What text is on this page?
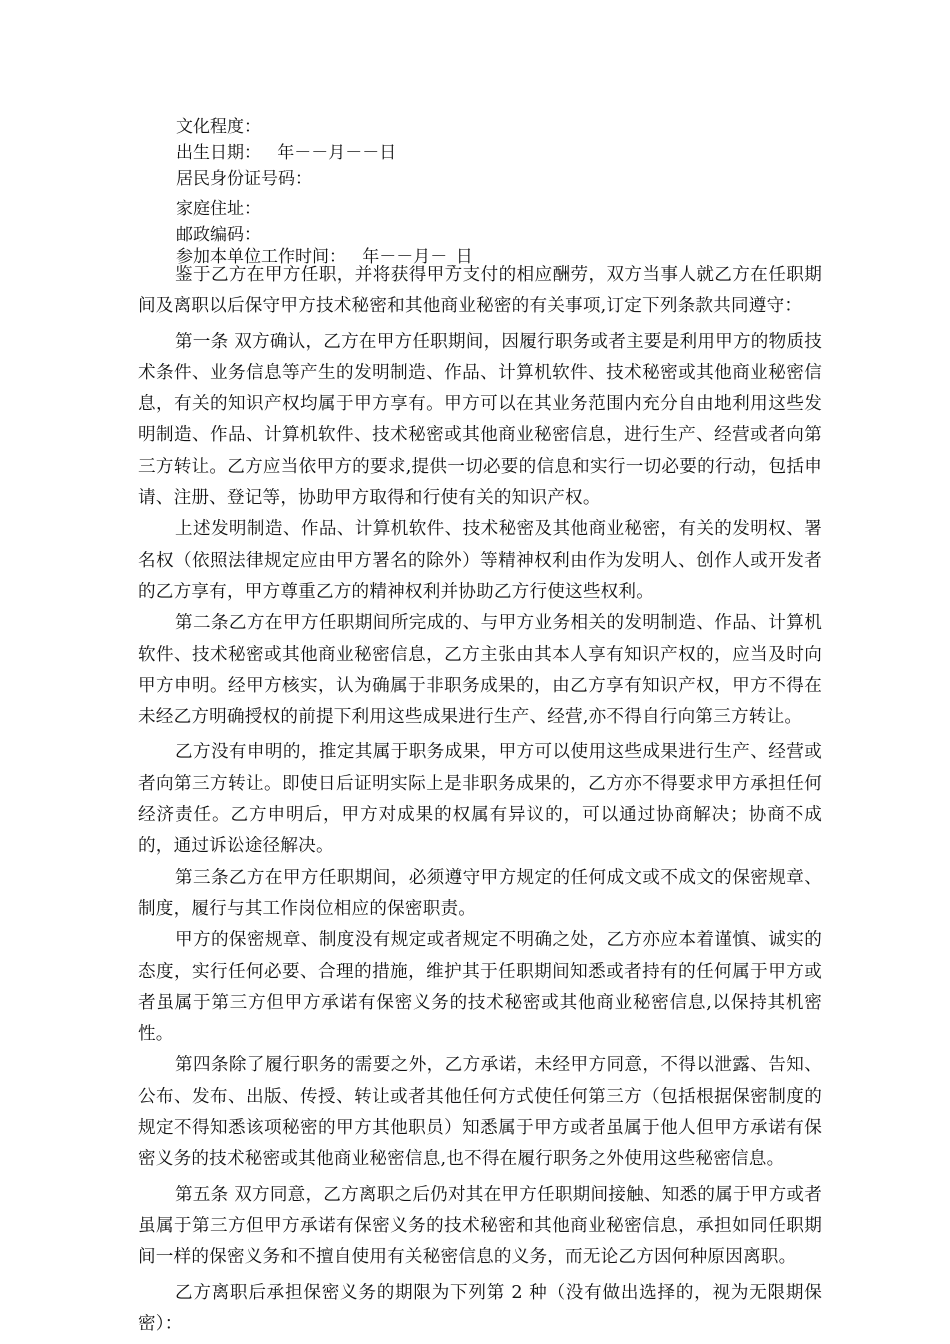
文化程度：
出生日期：   年－－月－－日
居民身份证号码：
家庭住址：
邮政编码：
参加本单位工作时间：   年－－月－_日

鉴于乙方在甲方任职，并将获得甲方支付的相应酬劳，双方当事人就乙方在任职期间及离职以后保守甲方技术秘密和其他商业秘密的有关事项,订定下列条款共同遵守：

第一条 双方确认，乙方在甲方任职期间，因履行职务或者主要是利用甲方的物质技术条件、业务信息等产生的发明制造、作品、计算机软件、技术秘密或其他商业秘密信息，有关的知识产权均属于甲方享有。甲方可以在其业务范围内充分自由地利用这些发明制造、作品、计算机软件、技术秘密或其他商业秘密信息，进行生产、经营或者向第三方转让。乙方应当依甲方的要求,提供一切必要的信息和实行一切必要的行动，包括申请、注册、登记等，协助甲方取得和行使有关的知识产权。

上述发明制造、作品、计算机软件、技术秘密及其他商业秘密，有关的发明权、署名权（依照法律规定应由甲方署名的除外）等精神权利由作为发明人、创作人或开发者的乙方享有，甲方尊重乙方的精神权利并协助乙方行使这些权利。

第二条乙方在甲方任职期间所完成的、与甲方业务相关的发明制造、作品、计算机软件、技术秘密或其他商业秘密信息，乙方主张由其本人享有知识产权的，应当及时向甲方申明。经甲方核实，认为确属于非职务成果的，由乙方享有知识产权，甲方不得在未经乙方明确授权的前提下利用这些成果进行生产、经营,亦不得自行向第三方转让。

乙方没有申明的，推定其属于职务成果，甲方可以使用这些成果进行生产、经营或者向第三方转让。即使日后证明实际上是非职务成果的，乙方亦不得要求甲方承担任何经济责任。乙方申明后，甲方对成果的权属有异议的，可以通过协商解决；协商不成的，通过诉讼途径解决。

第三条乙方在甲方任职期间，必须遵守甲方规定的任何成文或不成文的保密规章、制度，履行与其工作岗位相应的保密职责。

甲方的保密规章、制度没有规定或者规定不明确之处，乙方亦应本着谨慎、诚实的态度，实行任何必要、合理的措施，维护其于任职期间知悉或者持有的任何属于甲方或者虽属于第三方但甲方承诺有保密义务的技术秘密或其他商业秘密信息,以保持其机密性。

第四条除了履行职务的需要之外，乙方承诺，未经甲方同意，不得以泄露、告知、公布、发布、出版、传授、转让或者其他任何方式使任何第三方（包括根据保密制度的规定不得知悉该项秘密的甲方其他职员）知悉属于甲方或者虽属于他人但甲方承诺有保密义务的技术秘密或其他商业秘密信息,也不得在履行职务之外使用这些秘密信息。

第五条 双方同意，乙方离职之后仍对其在甲方任职期间接触、知悉的属于甲方或者虽属于第三方但甲方承诺有保密义务的技术秘密和其他商业秘密信息，承担如同任职期间一样的保密义务和不擅自使用有关秘密信息的义务，而无论乙方因何种原因离职。

乙方离职后承担保密义务的期限为下列第 2 种（没有做出选择的，视为无限期保密）：
